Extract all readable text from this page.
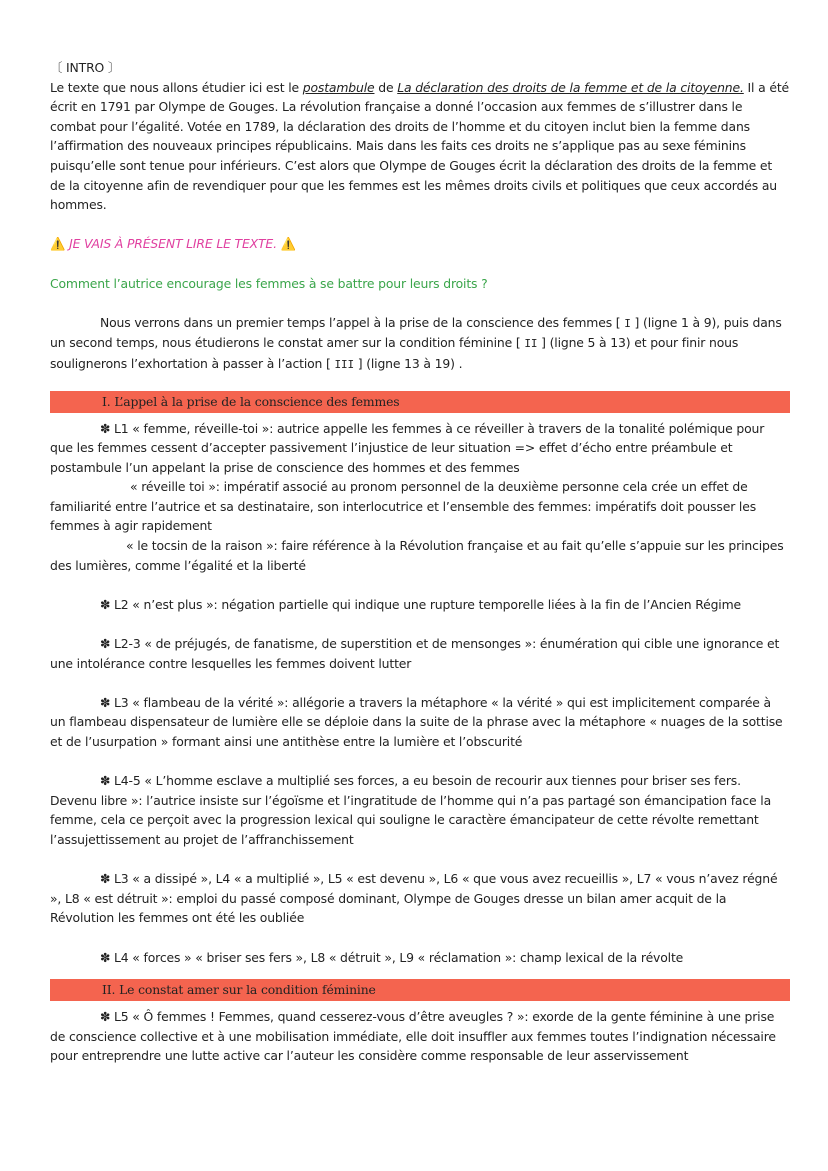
〔 INTRO 〕

Le texte que nous allons étudier ici est le postambule de La déclaration des droits de la femme et de la citoyenne. Il a été écrit en 1791 par Olympe de Gouges. La révolution française a donné l’occasion aux femmes de s’illustrer dans le combat pour l’égalité. Votée en 1789, la déclaration des droits de l’homme et du citoyen inclut bien la femme dans l’affirmation des nouveaux principes républicains. Mais dans les faits ces droits ne s’applique pas au sexe féminins puisqu’elle sont tenue pour inférieurs. C’est alors que Olympe de Gouges écrit la déclaration des droits de la femme et de la citoyenne afin de revendiquer pour que les femmes est les mêmes droits civils et politiques que ceux accordés au hommes.

⚠️ JE VAIS À PRÉSENT LIRE LE TEXTE. ⚠️

Comment l’autrice encourage les femmes à se battre pour leurs droits ?

Nous verrons dans un premier temps l’appel à la prise de la conscience des femmes [ I ] (ligne 1 à 9), puis dans un second temps, nous étudierons le constat amer sur la condition féminine [ II ] (ligne 5 à 13) et pour finir nous soulignerons l’exhortation à passer à l’action [ III ] (ligne 13 à 19) .

I. L’appel à la prise de la conscience des femmes

✽ L1 « femme, réveille-toi »: autrice appelle les femmes à ce réveiller à travers de la tonalité polémique pour que les femmes cessent d’accepter passivement l’injustice de leur situation => effet d’écho entre préambule et postambule l’un appelant la prise de conscience des hommes et des femmes

« réveille toi »: impératif associé au pronom personnel de la deuxième personne cela crée un effet de familiarité entre l’autrice et sa destinataire, son interlocutrice et l’ensemble des femmes: impératifs doit pousser les femmes à agir rapidement

« le tocsin de la raison »: faire référence à la Révolution française et au fait qu’elle s’appuie sur les principes des lumières, comme l’égalité et la liberté

✽ L2 « n’est plus »: négation partielle qui indique une rupture temporelle liées à la fin de l’Ancien Régime

✽ L2-3 « de préjugés, de fanatisme, de superstition et de mensonges »: énumération qui cible une ignorance et une intolérance contre lesquelles les femmes doivent lutter

✽ L3 « flambeau de la vérité »: allégorie a travers la métaphore « la vérité » qui est implicitement comparée à un flambeau dispensateur de lumière elle se déploie dans la suite de la phrase avec la métaphore « nuages de la sottise et de l’usurpation » formant ainsi une antithèse entre la lumière et l’obscurité

✽ L4-5 « L’homme esclave a multiplié ses forces, a eu besoin de recourir aux tiennes pour briser ses fers. Devenu libre »: l’autrice insiste sur l’égoïsme et l’ingratitude de l’homme qui n’a pas partagé son émancipation face la femme, cela ce perçoit avec la progression lexical qui souligne le caractère émancipateur de cette révolte remettant l’assujettissement au projet de l’affranchissement

✽ L3 « a dissipé », L4 « a multiplié », L5 « est devenu », L6 « que vous avez recueillis », L7 « vous n’avez régné », L8 « est détruit »: emploi du passé composé dominant, Olympe de Gouges dresse un bilan amer acquit de la Révolution les femmes ont été les oubliée

✽ L4 « forces » « briser ses fers », L8 « détruit », L9 « réclamation »: champ lexical de la révolte

II. Le constat amer sur la condition féminine

✽ L5 « Ô femmes ! Femmes, quand cesserez-vous d’être aveugles ? »: exorde de la gente féminine à une prise de conscience collective et à une mobilisation immédiate, elle doit insuffler aux femmes toutes l’indignation nécessaire pour entreprendre une lutte active car l’auteur les considère comme responsable de leur asservissement
